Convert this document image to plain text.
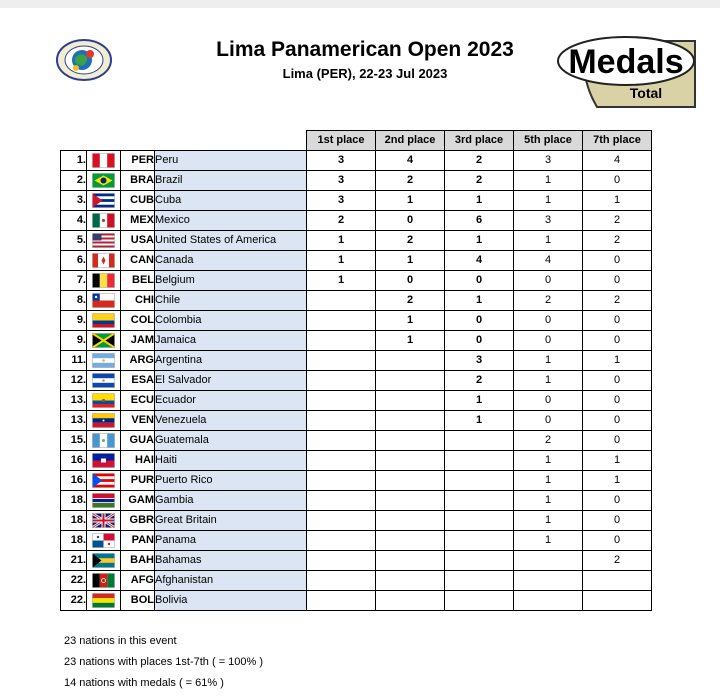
Lima Panamerican Open 2023
Lima (PER), 22-23 Jul 2023	Medals
Total
				1st place	2nd place	3rd place	5th place	7th place
1.		PER	Peru	3	4	2	3	4
2.		BRA	Brazil	3	2	2	1	0
3.		CUB	Cuba	3	1	1	1	1
4.		MEX	Mexico	2	0	6	3	2
5.		USA	United States of America	1	2	1	1	2
6.		CAN	Canada	1	1	4	4	0
7.		BEL	Belgium	1	0	0	0	0
8.		CHI	Chile		2	1	2	2
9.		COL	Colombia		1	0	0	0
9.		JAM	Jamaica		1	0	0	0
11.		ARG	Argentina			3	1	1
12.		ESA	El Salvador			2	1	0
13.		ECU	Ecuador			1	0	0
13.		VEN	Venezuela			1	0	0
15.		GUA	Guatemala				2	0
16.		HAI	Haiti				1	1
16.		PUR	Puerto Rico				1	1
18.		GAM	Gambia				1	0
18.		GBR	Great Britain				1	0
18.		PAN	Panama				1	0
21.		BAH	Bahamas					2
22.		AFG	Afghanistan					
22.		BOL	Bolivia					
23 nations in this event
23 nations with places 1st-7th ( = 100% )
14 nations with medals ( = 61% )
